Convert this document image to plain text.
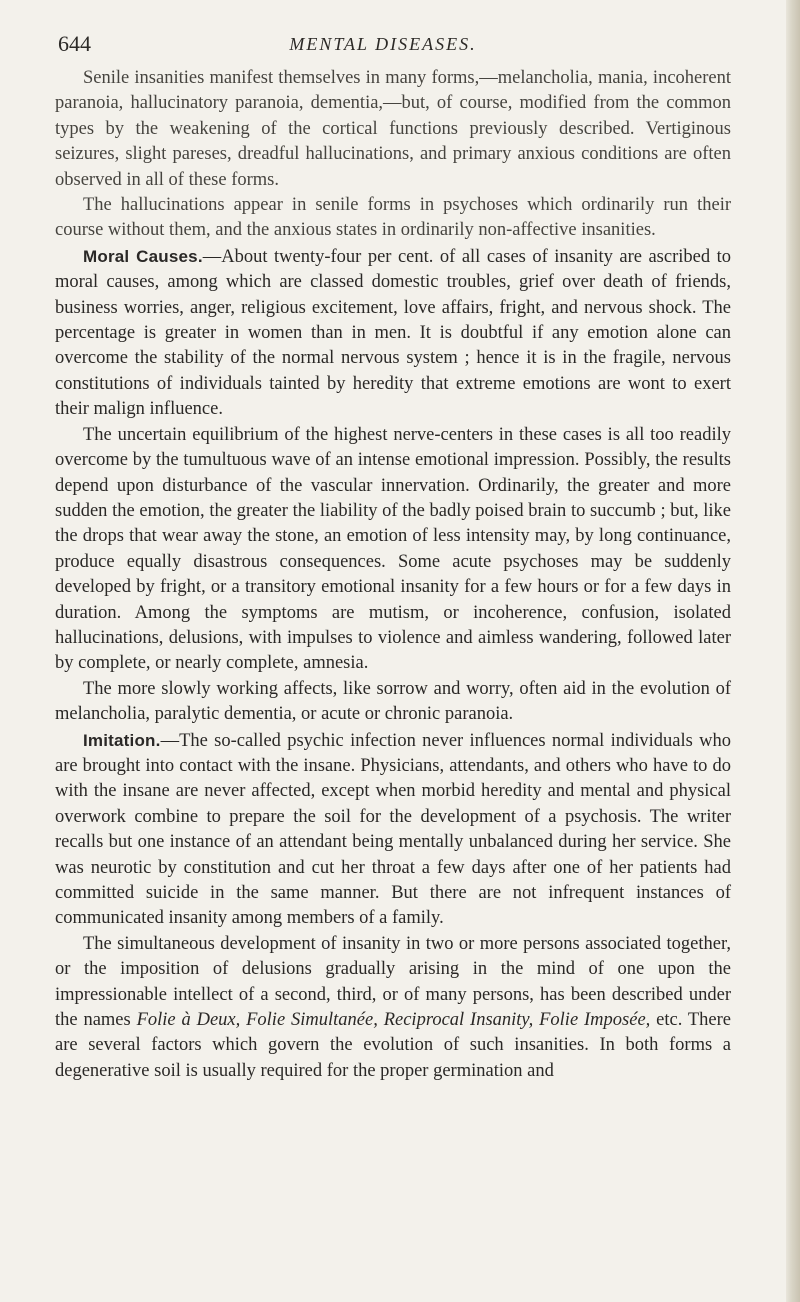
644	MENTAL DISEASES.

Senile insanities manifest themselves in many forms,—melancholia, mania, incoherent paranoia, hallucinatory paranoia, dementia,—but, of course, modified from the common types by the weakening of the cortical functions previously described. Vertiginous seizures, slight pareses, dreadful hallucinations, and primary anxious conditions are often observed in all of these forms.

The hallucinations appear in senile forms in psychoses which ordinarily run their course without them, and the anxious states in ordinarily non-affective insanities.

Moral Causes.—About twenty-four per cent. of all cases of insanity are ascribed to moral causes, among which are classed domestic troubles, grief over death of friends, business worries, anger, religious excitement, love affairs, fright, and nervous shock. The percentage is greater in women than in men. It is doubtful if any emotion alone can overcome the stability of the normal nervous system ; hence it is in the fragile, nervous constitutions of individuals tainted by heredity that extreme emotions are wont to exert their malign influence.

The uncertain equilibrium of the highest nerve-centers in these cases is all too readily overcome by the tumultuous wave of an intense emotional impression. Possibly, the results depend upon disturbance of the vascular innervation. Ordinarily, the greater and more sudden the emotion, the greater the liability of the badly poised brain to succumb ; but, like the drops that wear away the stone, an emotion of less intensity may, by long continuance, produce equally disastrous consequences. Some acute psychoses may be suddenly developed by fright, or a transitory emotional insanity for a few hours or for a few days in duration. Among the symptoms are mutism, or incoherence, confusion, isolated hallucinations, delusions, with impulses to violence and aimless wandering, followed later by complete, or nearly complete, amnesia.

The more slowly working affects, like sorrow and worry, often aid in the evolution of melancholia, paralytic dementia, or acute or chronic paranoia.

Imitation.—The so-called psychic infection never influences normal individuals who are brought into contact with the insane. Physicians, attendants, and others who have to do with the insane are never affected, except when morbid heredity and mental and physical overwork combine to prepare the soil for the development of a psychosis. The writer recalls but one instance of an attendant being mentally unbalanced during her service. She was neurotic by constitution and cut her throat a few days after one of her patients had committed suicide in the same manner. But there are not infrequent instances of communicated insanity among members of a family.

The simultaneous development of insanity in two or more persons associated together, or the imposition of delusions gradually arising in the mind of one upon the impressionable intellect of a second, third, or of many persons, has been described under the names Folie à Deux, Folie Simultanée, Reciprocal Insanity, Folie Imposée, etc. There are several factors which govern the evolution of such insanities. In both forms a degenerative soil is usually required for the proper germination and
